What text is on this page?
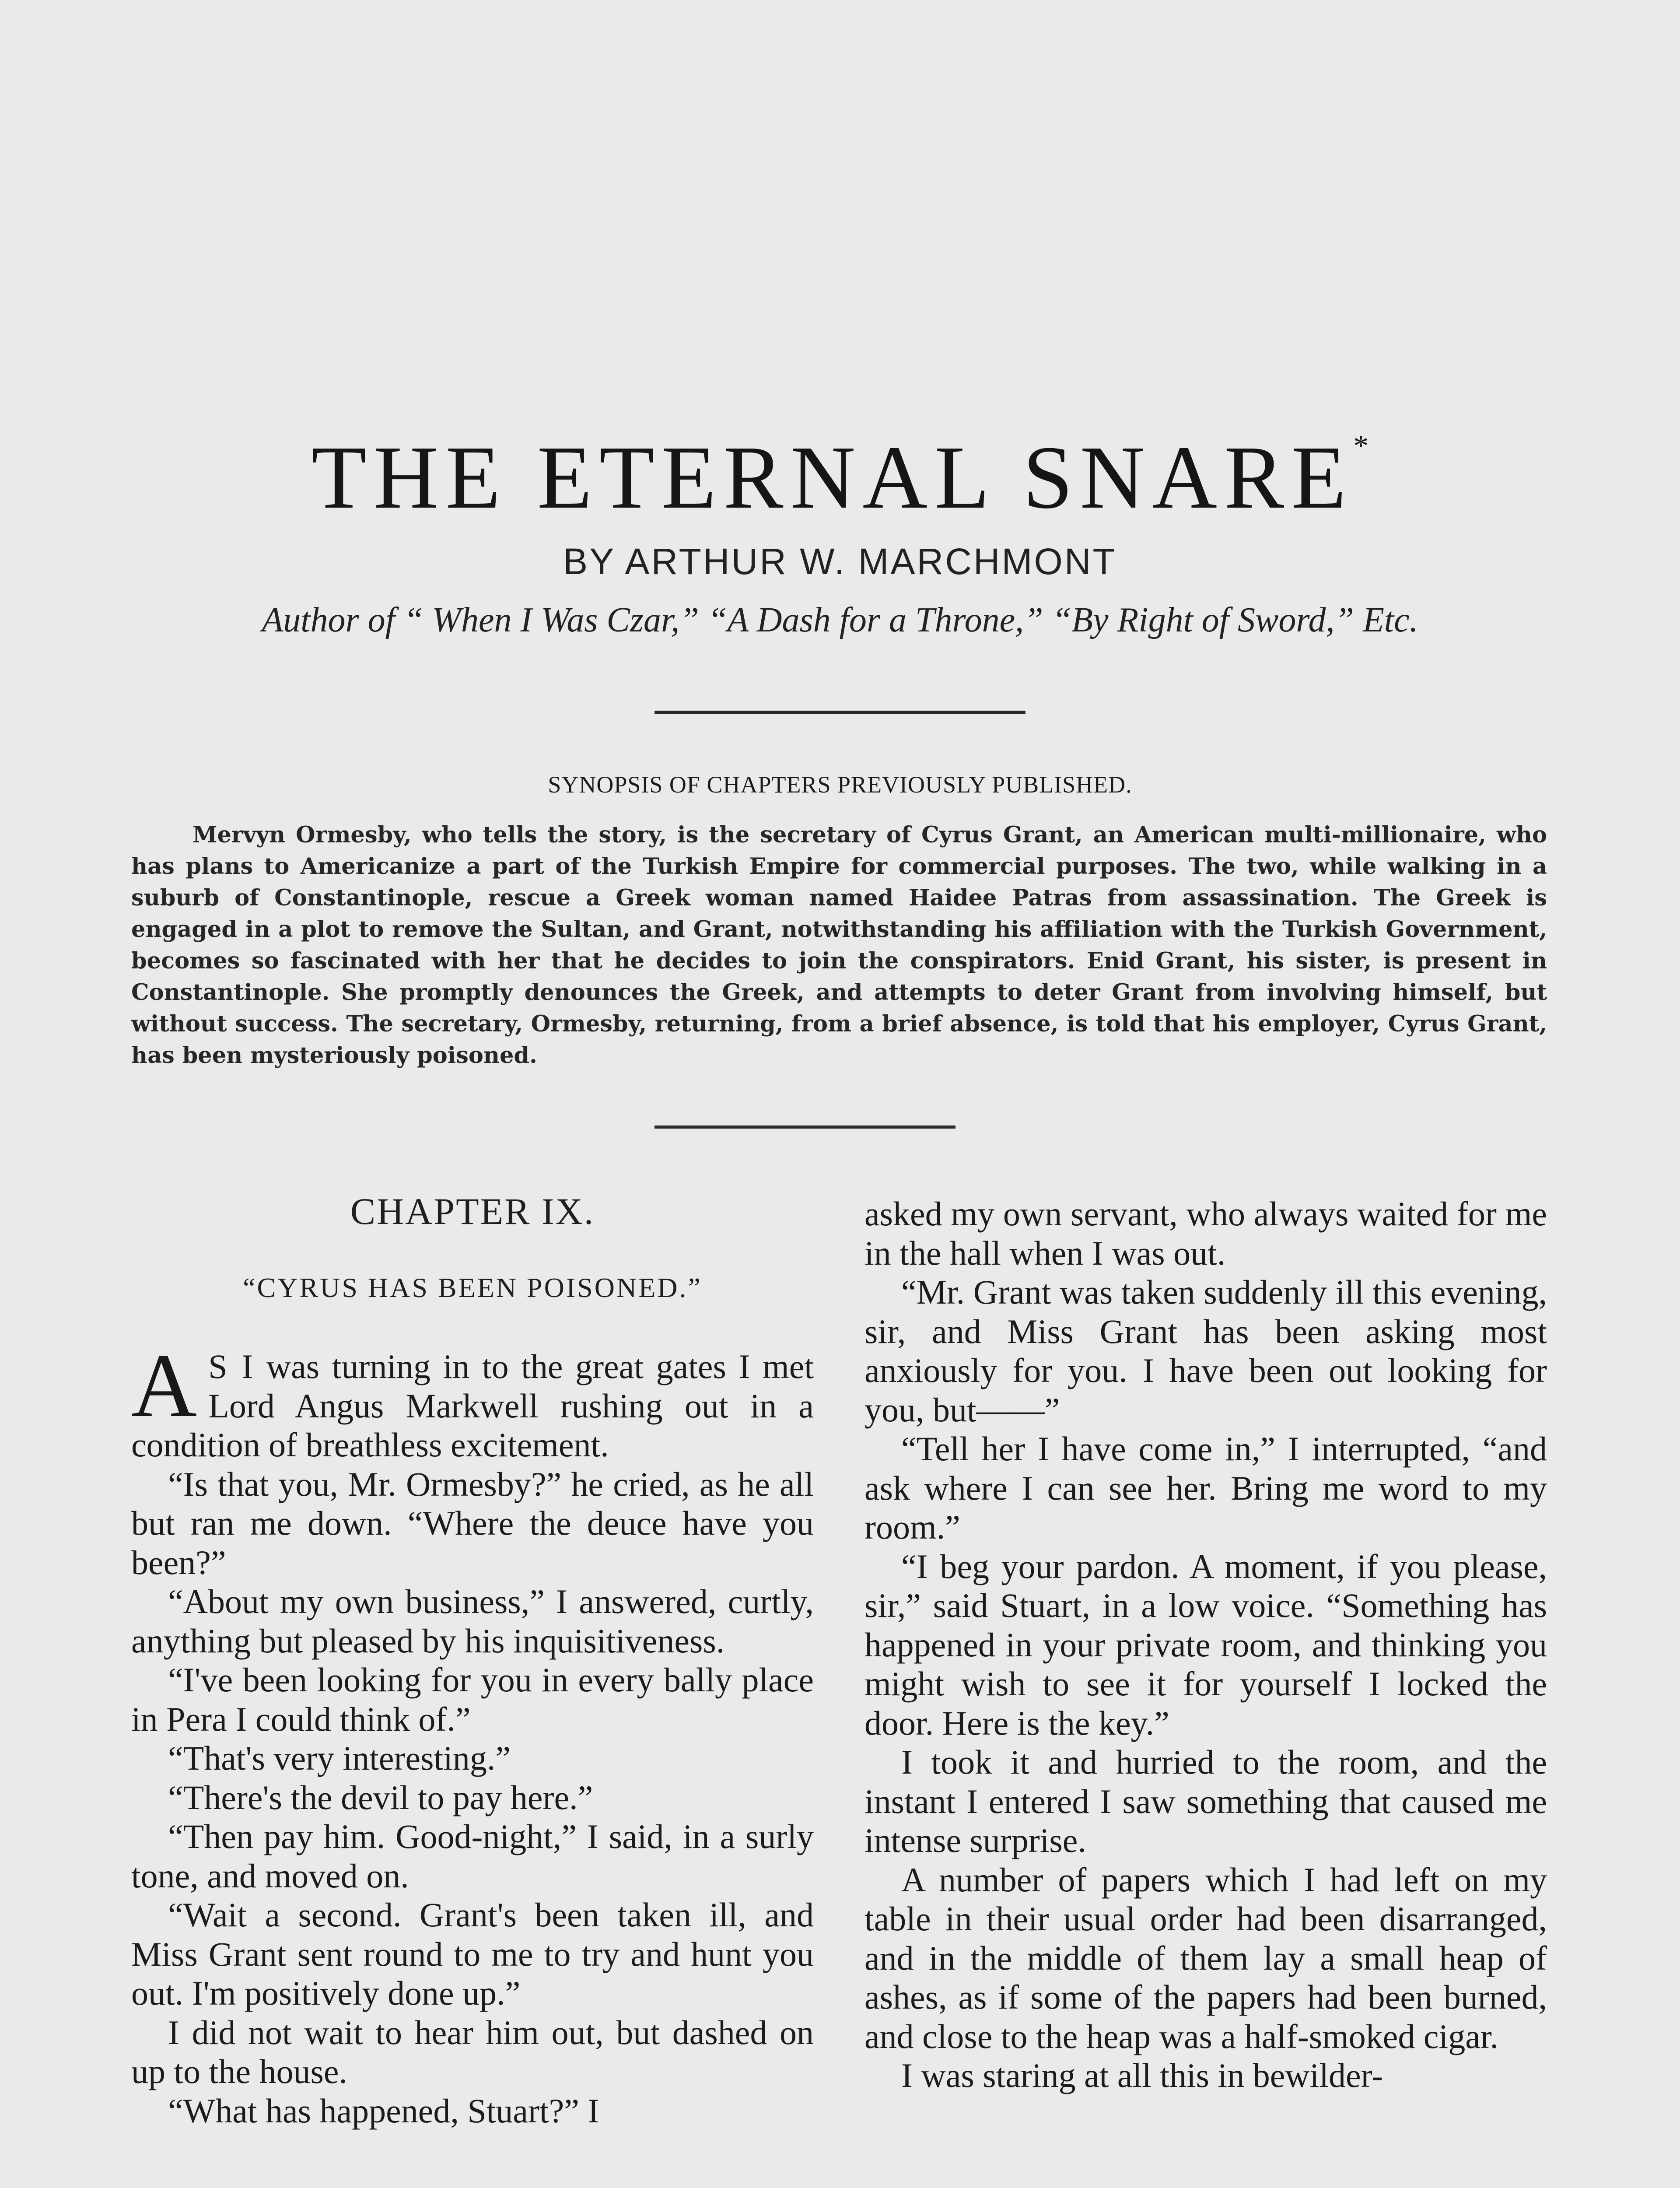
THE ETERNAL SNARE*
BY ARTHUR W. MARCHMONT
Author of “ When I Was Czar,” “A Dash for a Throne,” “By Right of Sword,” Etc.
SYNOPSIS OF CHAPTERS PREVIOUSLY PUBLISHED.

Mervyn Ormesby, who tells the story, is the secretary of Cyrus Grant, an American multi-millionaire, who has plans to Americanize a part of the Turkish Empire for commercial purposes. The two, while walking in a suburb of Constantinople, rescue a Greek woman named Haidee Patras from assassination. The Greek is engaged in a plot to remove the Sultan, and Grant, notwithstanding his affiliation with the Turkish Government, becomes so fascinated with her that he decides to join the conspirators. Enid Grant, his sister, is present in Constantinople. She promptly denounces the Greek, and attempts to deter Grant from involving himself, but without success. The secretary, Ormesby, returning, from a brief absence, is told that his employer, Cyrus Grant, has been mysteriously poisoned.

CHAPTER IX.
“CYRUS HAS BEEN POISONED.”

A S I was turning in to the great gates I met Lord Angus Markwell rushing out in a condition of breathless excitement.

“Is that you, Mr. Ormesby?” he cried, as he all but ran me down. “Where the deuce have you been?”

“About my own business,” I answered, curtly, anything but pleased by his inquisitiveness.

“I've been looking for you in every bally place in Pera I could think of.”

“That's very interesting.”

“There's the devil to pay here.”

“Then pay him. Good-night,” I said, in a surly tone, and moved on.

“Wait a second. Grant's been taken ill, and Miss Grant sent round to me to try and hunt you out. I'm positively done up.”

I did not wait to hear him out, but dashed on up to the house.

“What has happened, Stuart?” I

asked my own servant, who always waited for me in the hall when I was out.

“Mr. Grant was taken suddenly ill this evening, sir, and Miss Grant has been asking most anxiously for you. I have been out looking for you, but——”

“Tell her I have come in,” I interrupted, “and ask where I can see her. Bring me word to my room.”

“I beg your pardon. A moment, if you please, sir,” said Stuart, in a low voice. “Something has happened in your private room, and thinking you might wish to see it for yourself I locked the door. Here is the key.”

I took it and hurried to the room, and the instant I entered I saw something that caused me intense surprise.

A number of papers which I had left on my table in their usual order had been disarranged, and in the middle of them lay a small heap of ashes, as if some of the papers had been burned, and close to the heap was a half-smoked cigar.

I was staring at all this in bewilder-
